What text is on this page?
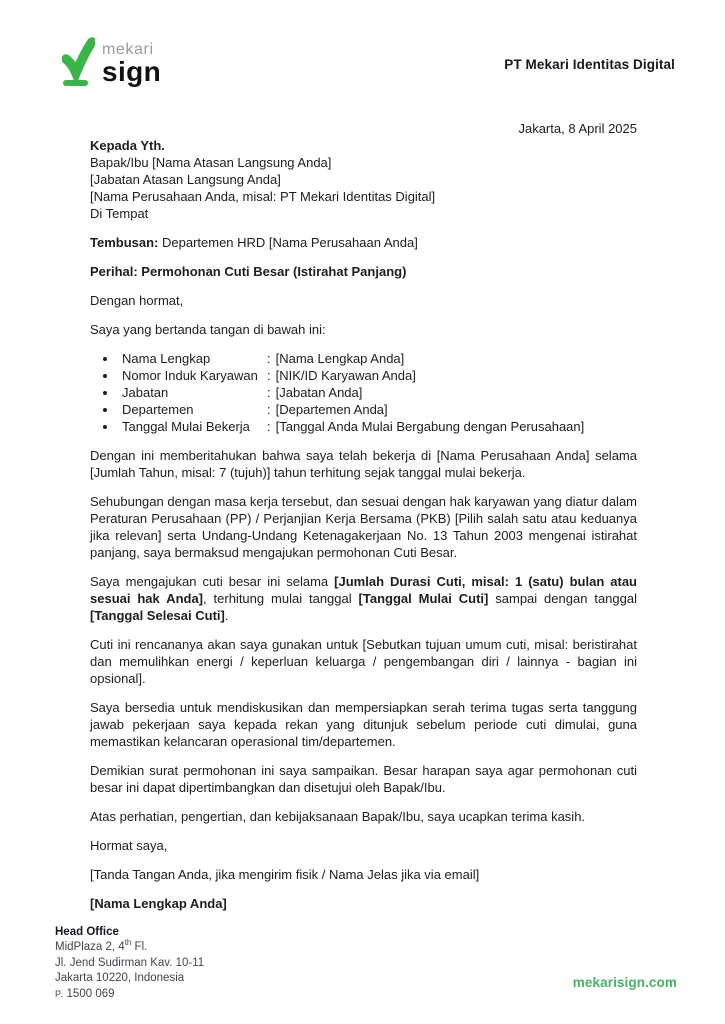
mekari
sign	PT Mekari Identitas Digital
Jakarta, 8 April 2025
Kepada Yth.
Bapak/Ibu [Nama Atasan Langsung Anda]
[Jabatan Atasan Langsung Anda]
[Nama Perusahaan Anda, misal: PT Mekari Identitas Digital]
Di Tempat

Tembusan: Departemen HRD [Nama Perusahaan Anda]

Perihal: Permohonan Cuti Besar (Istirahat Panjang)

Dengan hormat,

Saya yang bertanda tangan di bawah ini:

Nama Lengkap	: [Nama Lengkap Anda]
Nomor Induk Karyawan : [NIK/ID Karyawan Anda]
Jabatan	: [Jabatan Anda]
Departemen	: [Departemen Anda]
Tanggal Mulai Bekerja	: [Tanggal Anda Mulai Bergabung dengan Perusahaan]

Dengan ini memberitahukan bahwa saya telah bekerja di [Nama Perusahaan Anda] selama [Jumlah Tahun, misal: 7 (tujuh)] tahun terhitung sejak tanggal mulai bekerja.

Sehubungan dengan masa kerja tersebut, dan sesuai dengan hak karyawan yang diatur dalam Peraturan Perusahaan (PP) / Perjanjian Kerja Bersama (PKB) [Pilih salah satu atau keduanya jika relevan] serta Undang-Undang Ketenagakerjaan No. 13 Tahun 2003 mengenai istirahat panjang, saya bermaksud mengajukan permohonan Cuti Besar.

Saya mengajukan cuti besar ini selama [Jumlah Durasi Cuti, misal: 1 (satu) bulan atau sesuai hak Anda], terhitung mulai tanggal [Tanggal Mulai Cuti] sampai dengan tanggal [Tanggal Selesai Cuti].

Cuti ini rencananya akan saya gunakan untuk [Sebutkan tujuan umum cuti, misal: beristirahat dan memulihkan energi / keperluan keluarga / pengembangan diri / lainnya - bagian ini opsional].

Saya bersedia untuk mendiskusikan dan mempersiapkan serah terima tugas serta tanggung jawab pekerjaan saya kepada rekan yang ditunjuk sebelum periode cuti dimulai, guna memastikan kelancaran operasional tim/departemen.

Demikian surat permohonan ini saya sampaikan. Besar harapan saya agar permohonan cuti besar ini dapat dipertimbangkan dan disetujui oleh Bapak/Ibu.

Atas perhatian, pengertian, dan kebijaksanaan Bapak/Ibu, saya ucapkan terima kasih.

Hormat saya,

[Tanda Tangan Anda, jika mengirim fisik / Nama Jelas jika via email]

[Nama Lengkap Anda]

Head Office
MidPlaza 2, 4th Fl.
Jl. Jend Sudirman Kav. 10-11
Jakarta 10220, Indonesia
P. 1500 069
mekarisign.com
